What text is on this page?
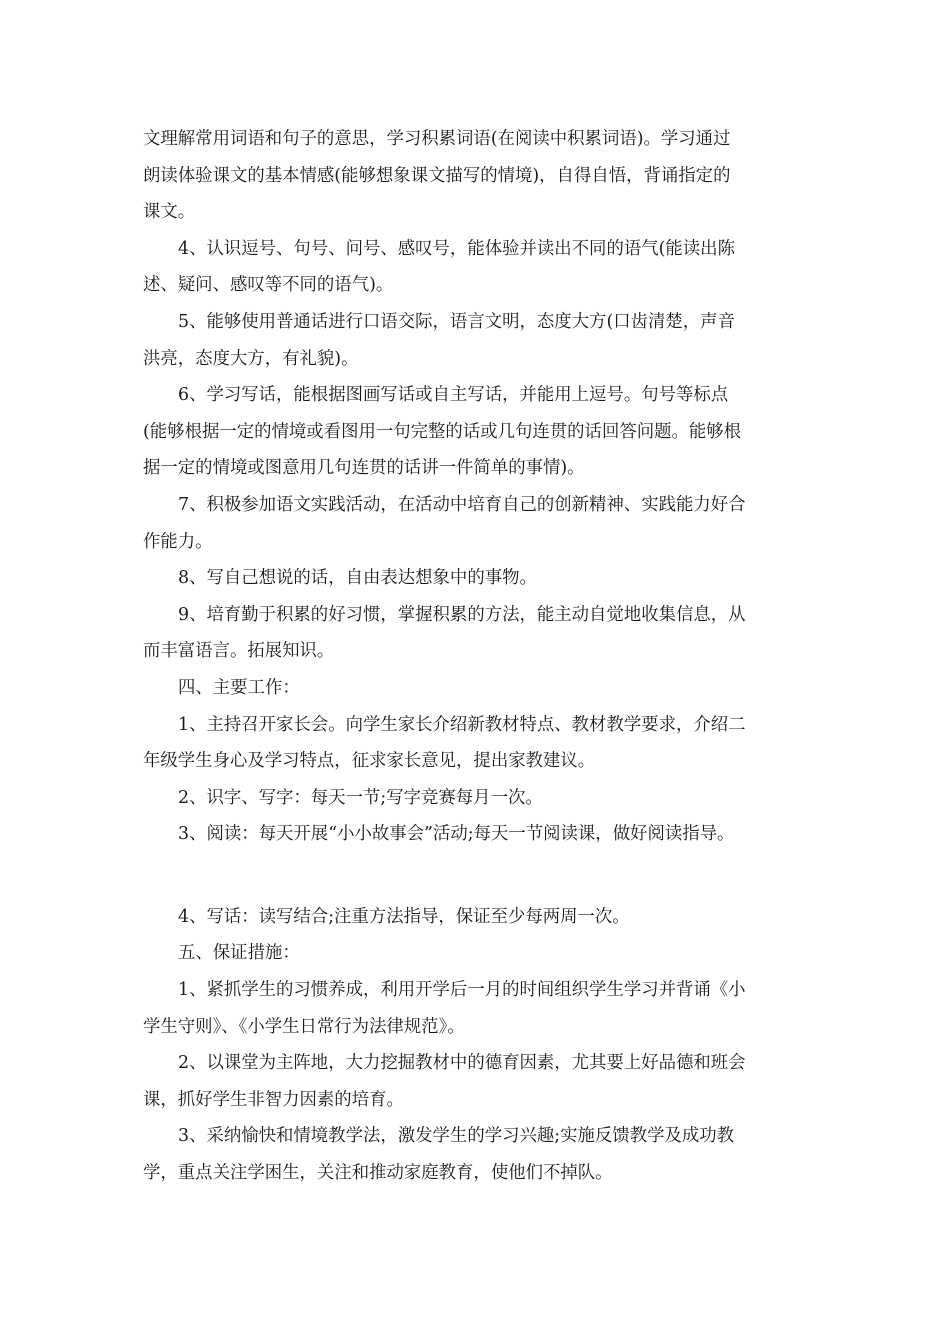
文理解常用词语和句子的意思，学习积累词语(在阅读中积累词语)。学习通过
朗读体验课文的基本情感(能够想象课文描写的情境)，自得自悟，背诵指定的
课文。

4、认识逗号、句号、问号、感叹号，能体验并读出不同的语气(能读出陈
述、疑问、感叹等不同的语气)。

5、能够使用普通话进行口语交际，语言文明，态度大方(口齿清楚，声音
洪亮，态度大方，有礼貌)。

6、学习写话，能根据图画写话或自主写话，并能用上逗号。句号等标点
(能够根据一定的情境或看图用一句完整的话或几句连贯的话回答问题。能够根
据一定的情境或图意用几句连贯的话讲一件简单的事情)。

7、积极参加语文实践活动，在活动中培育自己的创新精神、实践能力好合
作能力。

8、写自己想说的话，自由表达想象中的事物。

9、培育勤于积累的好习惯，掌握积累的方法，能主动自觉地收集信息，从
而丰富语言。拓展知识。

四、主要工作：

1、主持召开家长会。向学生家长介绍新教材特点、教材教学要求，介绍二
年级学生身心及学习特点，征求家长意见，提出家教建议。

2、识字、写字：每天一节;写字竞赛每月一次。

3、阅读：每天开展“小小故事会”活动;每天一节阅读课，做好阅读指导。

4、写话：读写结合;注重方法指导，保证至少每两周一次。

五、保证措施：

1、紧抓学生的习惯养成，利用开学后一月的时间组织学生学习并背诵《小
学生守则》、《小学生日常行为法律规范》。

2、以课堂为主阵地，大力挖掘教材中的德育因素，尤其要上好品德和班会
课，抓好学生非智力因素的培育。

3、采纳愉快和情境教学法，激发学生的学习兴趣;实施反馈教学及成功教
学，重点关注学困生，关注和推动家庭教育，使他们不掉队。
